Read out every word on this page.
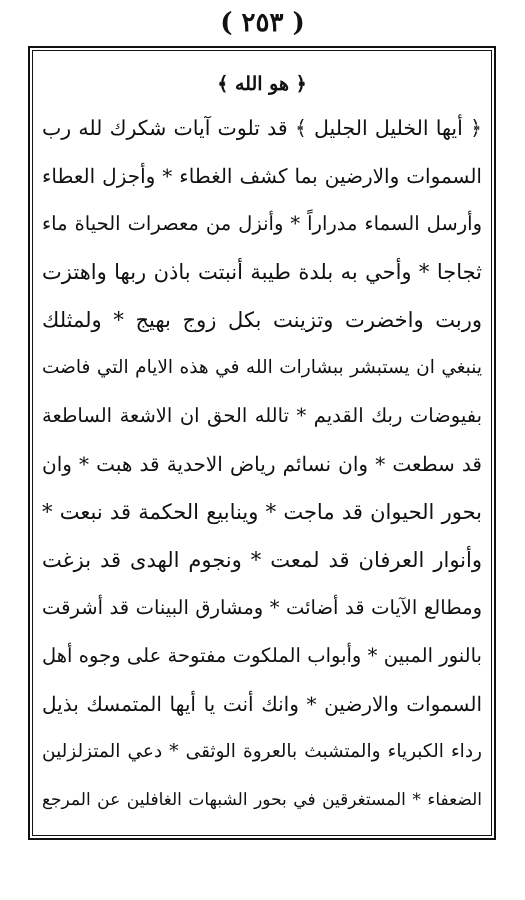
( ٢٥٣ )
﴿ هو الله ﴾
﴿ أيها الخليل الجليل ﴾ قد تلوت آيات شكرك لله رب
السموات والارضين بما كشف الغطاء * وأجزل العطاء
وأرسل السماء مدراراً * وأنزل من معصرات الحياة ماء
ثجاجا * وأحي به بلدة طيبة أنبتت باذن ربها واهتزت
وربت واخضرت وتزينت بكل زوج بهيج * ولمثلك
ينبغي ان يستبشر ببشارات الله في هذه الايام التي فاضت
بفيوضات ربك القديم * تالله الحق ان الاشعة الساطعة
قد سطعت * وان نسائم رياض الاحدية قد هبت * وان
بحور الحيوان قد ماجت * وينابيع الحكمة قد نبعت *
وأنوار العرفان قد لمعت * ونجوم الهدى قد بزغت
ومطالع الآيات قد أضائت * ومشارق البينات قد أشرقت
بالنور المبين * وأبواب الملكوت مفتوحة على وجوه أهل
السموات والارضين * وانك أنت يا أيها المتمسك بذيل
رداء الكبرياء والمتشبث بالعروة الوثقى * دعي المتزلزلين
الضعفاء * المستغرقين في بحور الشبهات الغافلين عن المرجع
